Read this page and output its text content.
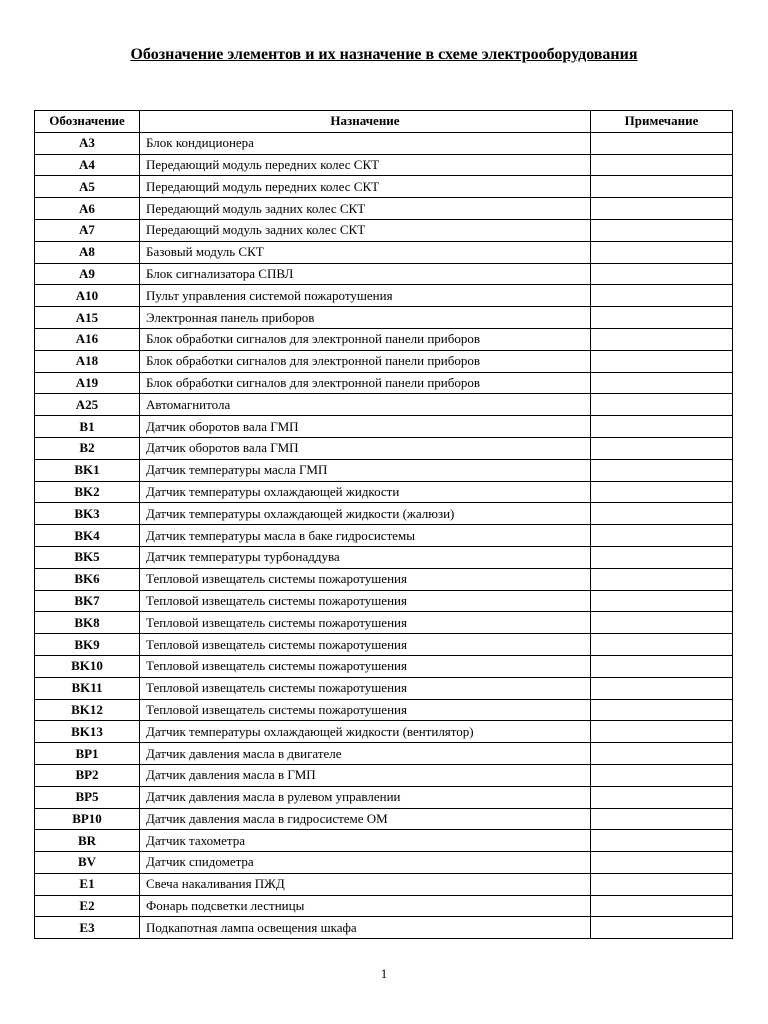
Обозначение элементов и их назначение в схеме электрооборудования
Обозначение	Назначение	Примечание
A3	Блок кондиционера	
A4	Передающий модуль передних колес СКТ	
A5	Передающий модуль передних колес СКТ	
A6	Передающий модуль задних колес СКТ	
A7	Передающий модуль задних колес СКТ	
A8	Базовый модуль СКТ	
A9	Блок сигнализатора СПВЛ	
A10	Пульт управления системой пожаротушения	
A15	Электронная панель приборов	
A16	Блок обработки сигналов для электронной панели приборов	
A18	Блок обработки сигналов для электронной панели приборов	
A19	Блок обработки сигналов для электронной панели приборов	
A25	Автомагнитола	
B1	Датчик оборотов вала ГМП	
B2	Датчик оборотов вала ГМП	
BK1	Датчик температуры масла ГМП	
BK2	Датчик температуры охлаждающей жидкости	
BK3	Датчик температуры охлаждающей жидкости (жалюзи)	
BK4	Датчик температуры масла в баке гидросистемы	
BK5	Датчик температуры турбонаддува	
BK6	Тепловой извещатель системы пожаротушения	
BK7	Тепловой извещатель системы пожаротушения	
BK8	Тепловой извещатель системы пожаротушения	
BK9	Тепловой извещатель системы пожаротушения	
BK10	Тепловой извещатель системы пожаротушения	
BK11	Тепловой извещатель системы пожаротушения	
BK12	Тепловой извещатель системы пожаротушения	
BK13	Датчик температуры охлаждающей жидкости (вентилятор)	
BP1	Датчик давления масла в двигателе	
BP2	Датчик давления масла в ГМП	
BP5	Датчик давления масла в рулевом управлении	
BP10	Датчик давления масла в гидросистеме ОМ	
BR	Датчик тахометра	
BV	Датчик спидометра	
E1	Свеча накаливания ПЖД	
E2	Фонарь подсветки лестницы	
E3	Подкапотная лампа освещения шкафа	
1
